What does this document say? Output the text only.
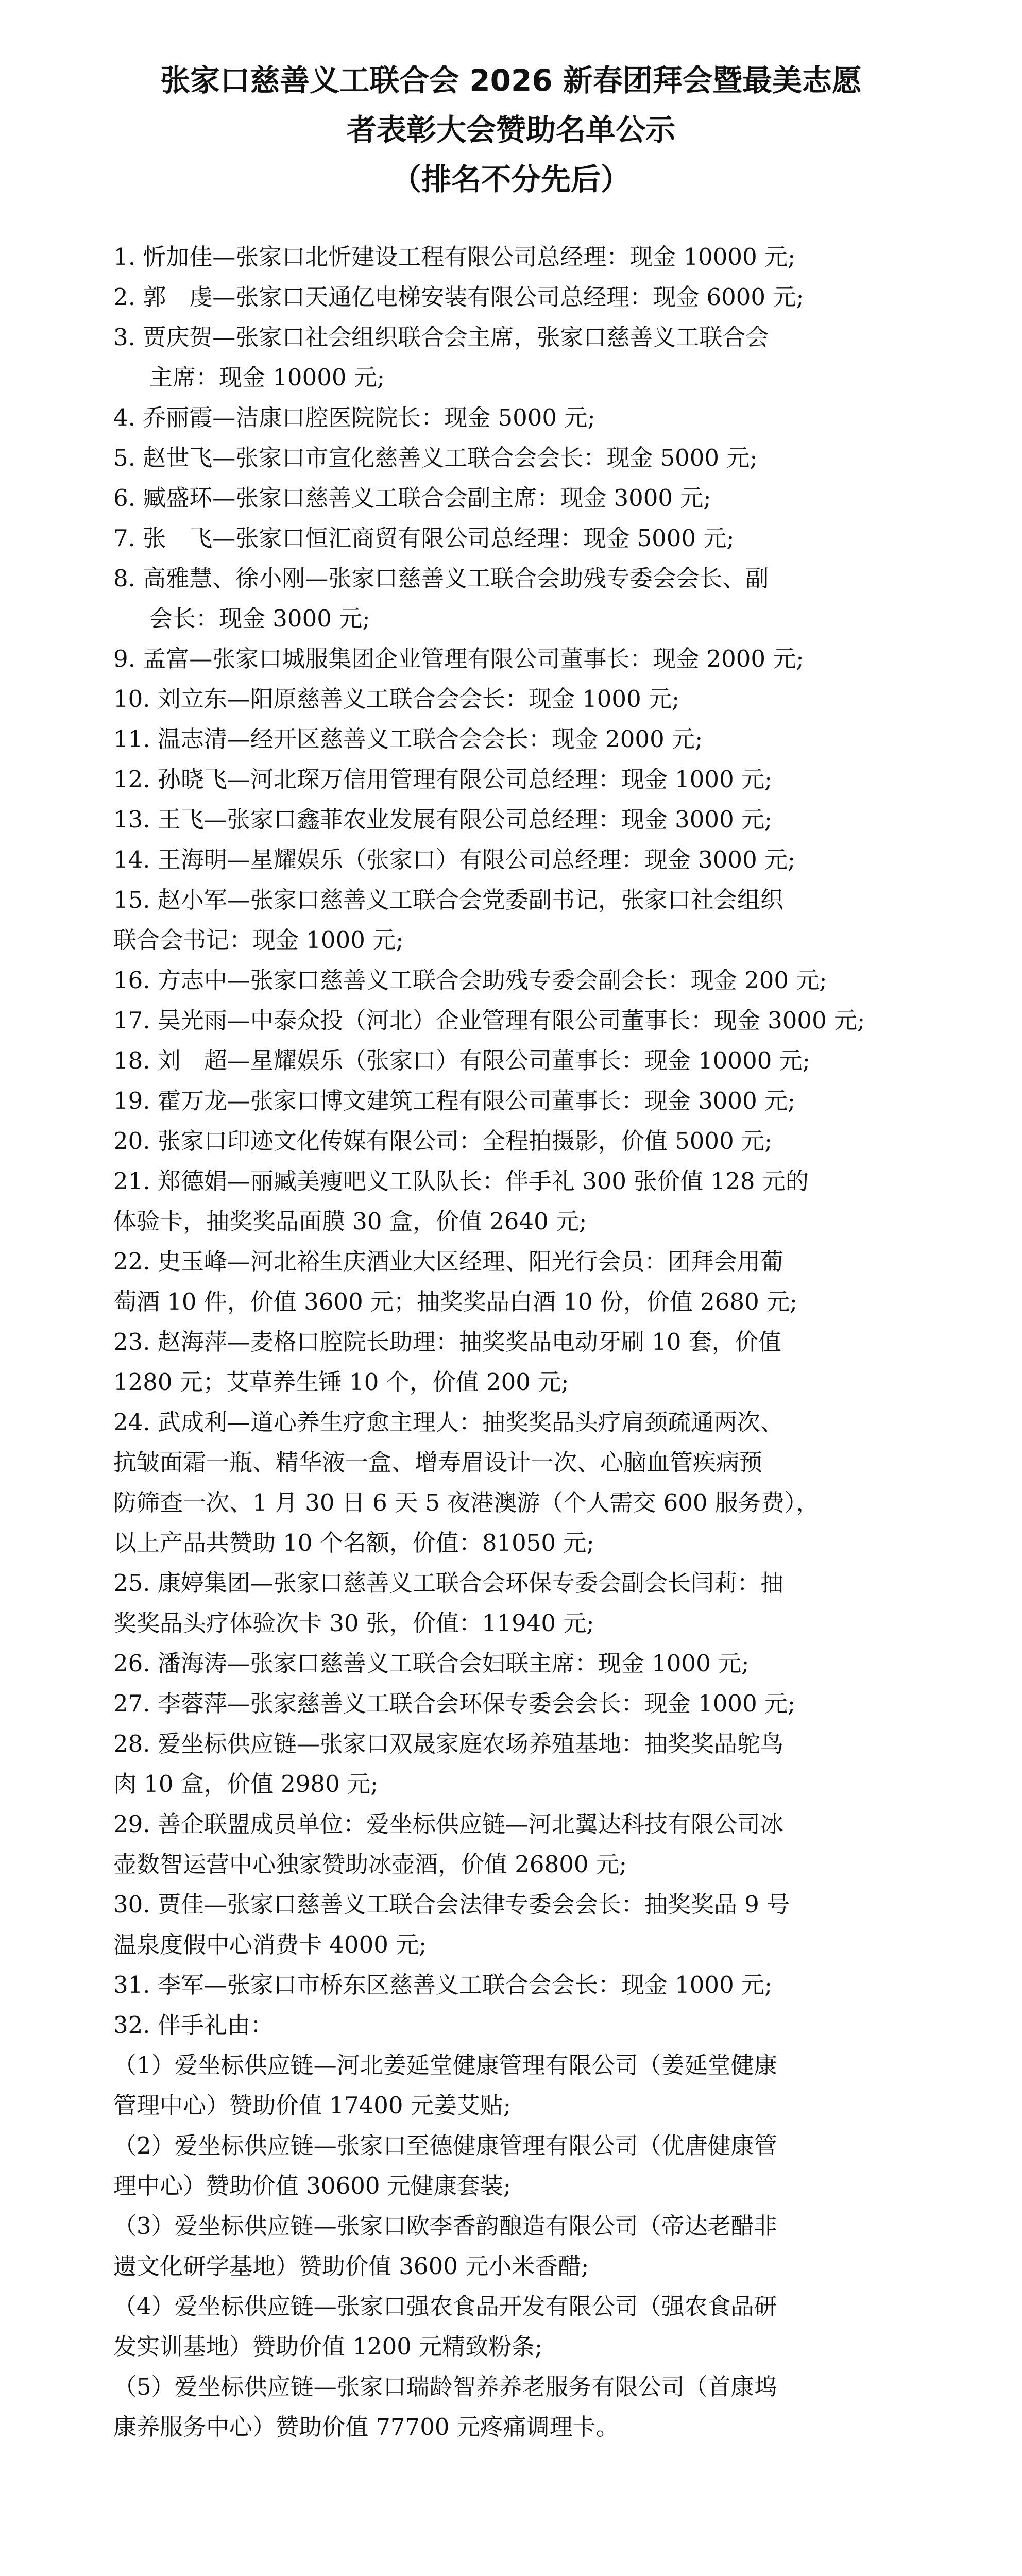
张家口慈善义工联合会 2026 新春团拜会暨最美志愿
者表彰大会赞助名单公示
（排名不分先后）
1. 忻加佳—张家口北忻建设工程有限公司总经理：现金 10000 元;
2. 郭　虔—张家口天通亿电梯安装有限公司总经理：现金 6000 元;
3. 贾庆贺—张家口社会组织联合会主席，张家口慈善义工联合会
主席：现金 10000 元;
4. 乔丽霞—洁康口腔医院院长：现金 5000 元;
5. 赵世飞—张家口市宣化慈善义工联合会会长：现金 5000 元;
6. 臧盛环—张家口慈善义工联合会副主席：现金 3000 元;
7. 张　飞—张家口恒汇商贸有限公司总经理：现金 5000 元;
8. 高雅慧、徐小刚—张家口慈善义工联合会助残专委会会长、副
会长：现金 3000 元;
9. 孟富—张家口城服集团企业管理有限公司董事长：现金 2000 元;
10. 刘立东—阳原慈善义工联合会会长：现金 1000 元;
11. 温志清—经开区慈善义工联合会会长：现金 2000 元;
12. 孙晓飞—河北琛万信用管理有限公司总经理：现金 1000 元;
13. 王飞—张家口鑫菲农业发展有限公司总经理：现金 3000 元;
14. 王海明—星耀娱乐（张家口）有限公司总经理：现金 3000 元;
15. 赵小军—张家口慈善义工联合会党委副书记，张家口社会组织
联合会书记：现金 1000 元;
16. 方志中—张家口慈善义工联合会助残专委会副会长：现金 200 元;
17. 吴光雨—中泰众投（河北）企业管理有限公司董事长：现金 3000 元;
18. 刘　超—星耀娱乐（张家口）有限公司董事长：现金 10000 元;
19. 霍万龙—张家口博文建筑工程有限公司董事长：现金 3000 元;
20. 张家口印迹文化传媒有限公司：全程拍摄影，价值 5000 元;
21. 郑德娟—丽臧美瘦吧义工队队长：伴手礼 300 张价值 128 元的
体验卡，抽奖奖品面膜 30 盒，价值 2640 元;
22. 史玉峰—河北裕生庆酒业大区经理、阳光行会员：团拜会用葡
萄酒 10 件，价值 3600 元；抽奖奖品白酒 10 份，价值 2680 元;
23. 赵海萍—麦格口腔院长助理：抽奖奖品电动牙刷 10 套，价值
1280 元；艾草养生锤 10 个，价值 200 元;
24. 武成利—道心养生疗愈主理人：抽奖奖品头疗肩颈疏通两次、
抗皱面霜一瓶、精华液一盒、增寿眉设计一次、心脑血管疾病预
防筛查一次、1 月 30 日 6 天 5 夜港澳游（个人需交 600 服务费），
以上产品共赞助 10 个名额，价值：81050 元;
25. 康婷集团—张家口慈善义工联合会环保专委会副会长闫莉：抽
奖奖品头疗体验次卡 30 张，价值：11940 元;
26. 潘海涛—张家口慈善义工联合会妇联主席：现金 1000 元;
27. 李蓉萍—张家慈善义工联合会环保专委会会长：现金 1000 元;
28. 爱坐标供应链—张家口双晟家庭农场养殖基地：抽奖奖品鸵鸟
肉 10 盒，价值 2980 元;
29. 善企联盟成员单位：爱坐标供应链—河北翼达科技有限公司冰
壶数智运营中心独家赞助冰壶酒，价值 26800 元;
30. 贾佳—张家口慈善义工联合会法律专委会会长：抽奖奖品 9 号
温泉度假中心消费卡 4000 元;
31. 李军—张家口市桥东区慈善义工联合会会长：现金 1000 元;
32. 伴手礼由：
（1）爱坐标供应链—河北姜延堂健康管理有限公司（姜延堂健康
管理中心）赞助价值 17400 元姜艾贴;
（2）爱坐标供应链—张家口至德健康管理有限公司（优唐健康管
理中心）赞助价值 30600 元健康套装;
（3）爱坐标供应链—张家口欧李香韵酿造有限公司（帝达老醋非
遗文化研学基地）赞助价值 3600 元小米香醋;
（4）爱坐标供应链—张家口强农食品开发有限公司（强农食品研
发实训基地）赞助价值 1200 元精致粉条;
（5）爱坐标供应链—张家口瑞龄智养养老服务有限公司（首康坞
康养服务中心）赞助价值 77700 元疼痛调理卡。
